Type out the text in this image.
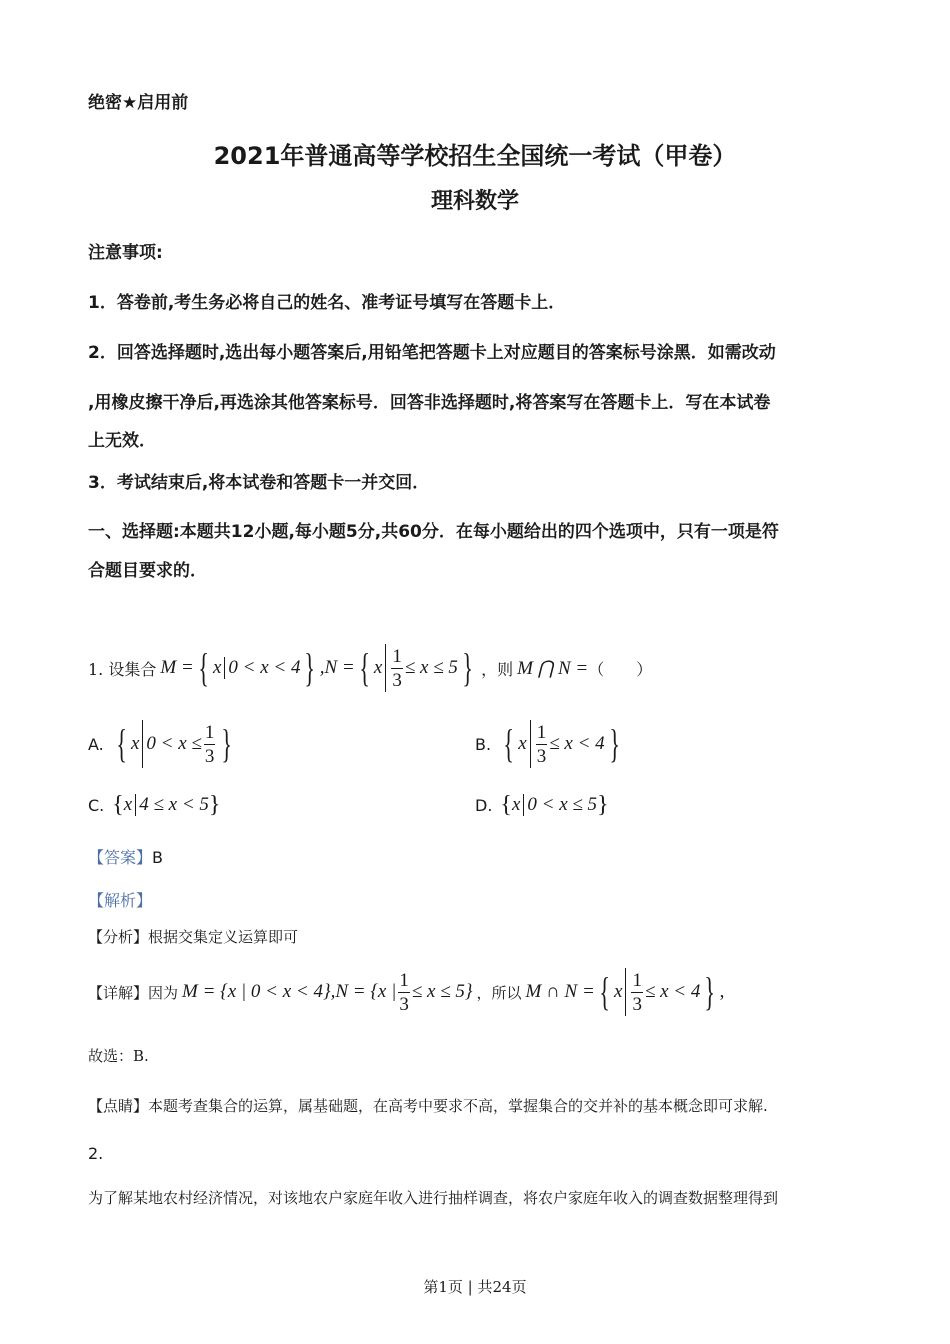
绝密★启用前
2021年普通高等学校招生全国统一考试（甲卷）
理科数学
注意事项:
1．答卷前,考生务必将自己的姓名、准考证号填写在答题卡上．
2．回答选择题时,选出每小题答案后,用铅笔把答题卡上对应题目的答案标号涂黑．如需改动
,用橡皮擦干净后,再选涂其他答案标号．回答非选择题时,将答案写在答题卡上．写在本试卷
上无效．
3．考试结束后,将本试卷和答题卡一并交回．
一、选择题:本题共12小题,每小题5分,共60分．在每小题给出的四个选项中，只有一项是符
合题目要求的．
1. 设集合 M = { x 0 < x < 4 } ,N = { x $\frac{1}{3} \le x \le 5$ } ，则 M ⋂ N = （　　）
A. { x $0 < x \le \frac{1}{3}$ }	B. { x $\frac{1}{3} \le x < 4$ }
C. { x 4 ≤ x < 5 }	D. { x 0 < x ≤ 5 }
【答案】B
【解析】
【分析】根据交集定义运算即可
【详解】因为 M = {x | 0 < x < 4},N = {x | $\frac{1}{3} \le x \le 5$} ，所以 M ∩ N = { x $\frac{1}{3} \le x < 4$ } ,
故选：B.
【点睛】本题考查集合的运算，属基础题，在高考中要求不高，掌握集合的交并补的基本概念即可求解.
2.
为了解某地农村经济情况，对该地农户家庭年收入进行抽样调查，将农户家庭年收入的调查数据整理得到
第1页 | 共24页
